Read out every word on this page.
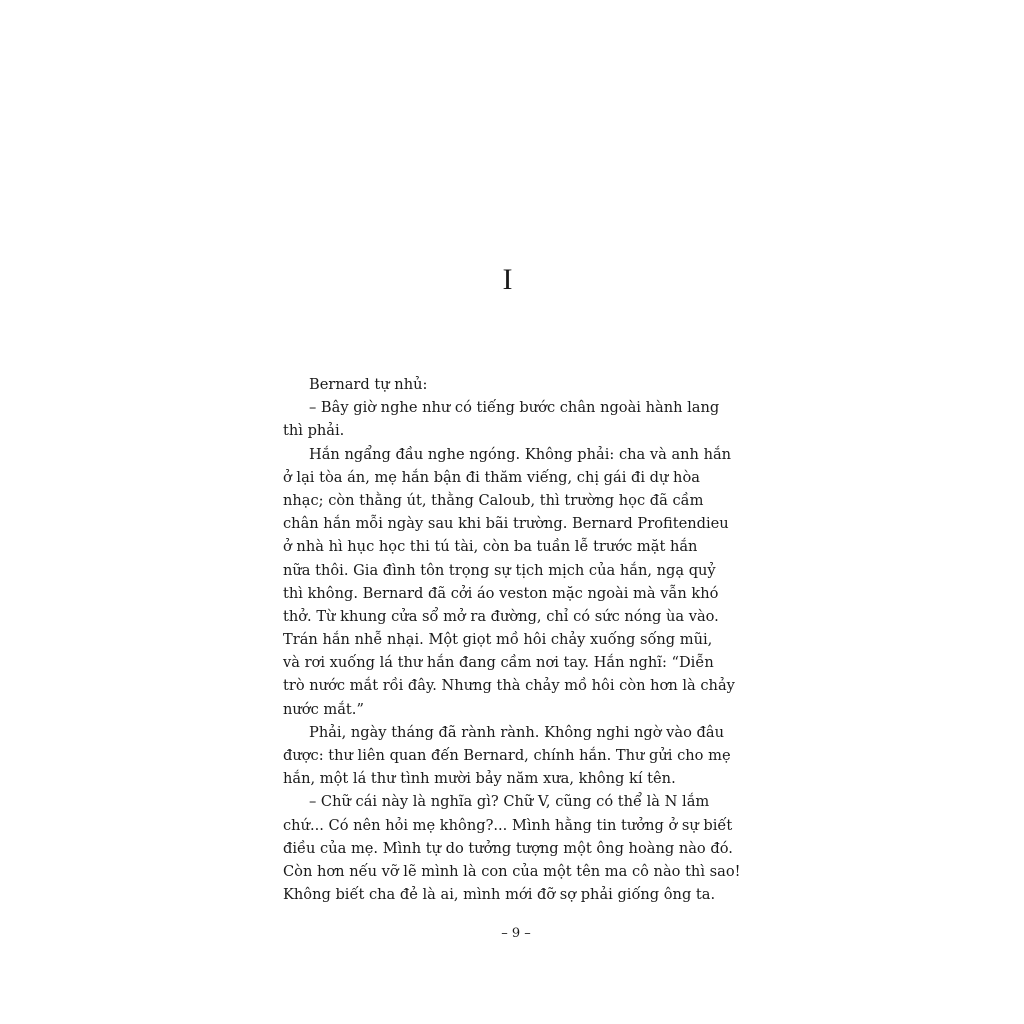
I
Bernard tự nhủ:
– Bây giờ nghe như có tiếng bước chân ngoài hành lang
thì phải.
Hắn ngẩng đầu nghe ngóng. Không phải: cha và anh hắn
ở lại tòa án, mẹ hắn bận đi thăm viếng, chị gái đi dự hòa
nhạc; còn thằng út, thằng Caloub, thì trường học đã cầm
chân hắn mỗi ngày sau khi bãi trường. Bernard Profitendieu
ở nhà hì hục học thi tú tài, còn ba tuần lễ trước mặt hắn
nữa thôi. Gia đình tôn trọng sự tịch mịch của hắn, ngạ quỷ
thì không. Bernard đã cởi áo veston mặc ngoài mà vẫn khó
thở. Từ khung cửa sổ mở ra đường, chỉ có sức nóng ùa vào.
Trán hắn nhễ nhại. Một giọt mồ hôi chảy xuống sống mũi,
và rơi xuống lá thư hắn đang cầm nơi tay. Hắn nghĩ: “Diễn
trò nước mắt rồi đây. Nhưng thà chảy mồ hôi còn hơn là chảy
nước mắt.”
Phải, ngày tháng đã rành rành. Không nghi ngờ vào đâu
được: thư liên quan đến Bernard, chính hắn. Thư gửi cho mẹ
hắn, một lá thư tình mười bảy năm xưa, không kí tên.
– Chữ cái này là nghĩa gì? Chữ V, cũng có thể là N lắm
chứ... Có nên hỏi mẹ không?... Mình hằng tin tưởng ở sự biết
điều của mẹ. Mình tự do tưởng tượng một ông hoàng nào đó.
Còn hơn nếu vỡ lẽ mình là con của một tên ma cô nào thì sao!
Không biết cha đẻ là ai, mình mới đỡ sợ phải giống ông ta.
– 9 –
